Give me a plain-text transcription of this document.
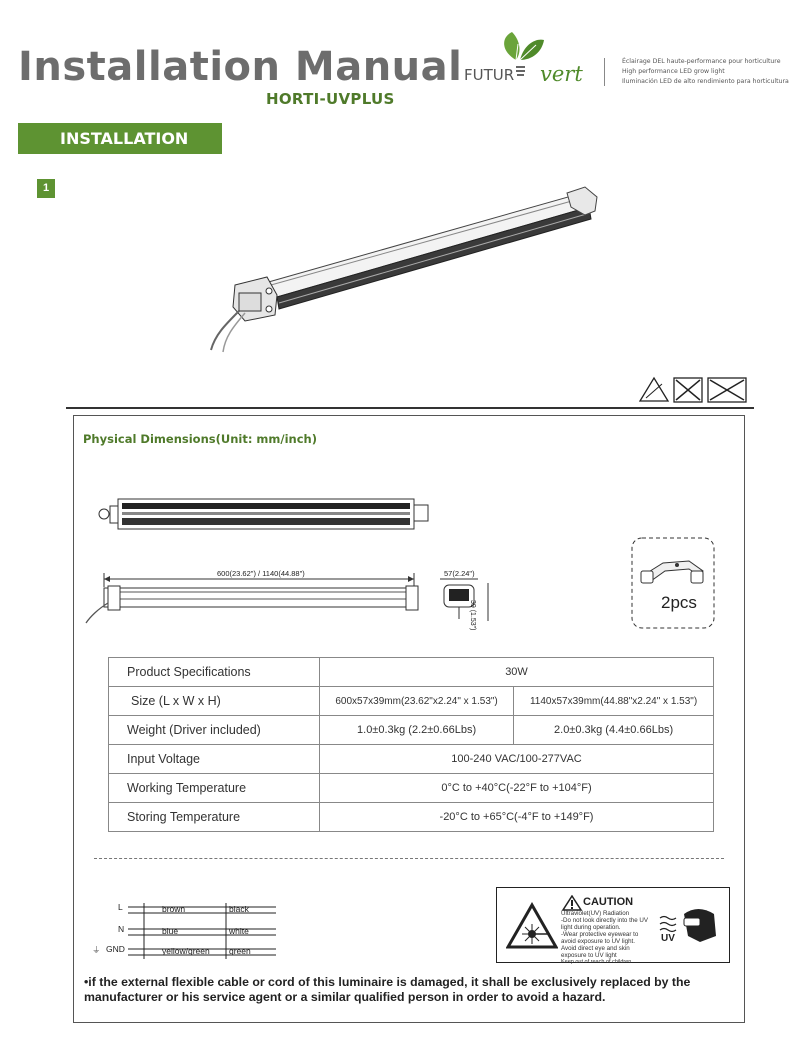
Installation Manual
HORTI-UVPLUS
FUTUR vert
Éclairage DEL haute-performance pour horticulture
High performance LED grow light
Iluminación LED de alto rendimiento para horticultura
INSTALLATION
1
Physical Dimensions(Unit: mm/inch)
600(23.62") / 1140(44.88")	57(2.24")
39 (1.53")	2pcs
Product Specifications	30W	
Size (L x W x H)	600x57x39mm(23.62"x2.24" x 1.53")	1140x57x39mm(44.88"x2.24" x 1.53")
Weight (Driver included)	1.0±0.3kg (2.2±0.66Lbs)	2.0±0.3kg (4.4±0.66Lbs)
Input Voltage	100-240 VAC/100-277VAC	
Working Temperature	0°C to +40°C(-22°F to +104°F)	
Storing Temperature	-20°C to +65°C(-4°F to +149°F)	
L	brown	black
N	blue	white
⏚ GND	yellow/green green
CAUTION
Ultraviolet(UV) Radiation
-Do not look directly into the UV
light during operation.
-Wear protective eyewear to
avoid exposure to UV light.
Avoid direct eye and skin
exposure to UV light
Keep out of reach of children
UV
•if the external flexible cable or cord of this luminaire is damaged, it shall be exclusively replaced by the manufacturer or his service agent or a similar qualified person in order to avoid a hazard.
